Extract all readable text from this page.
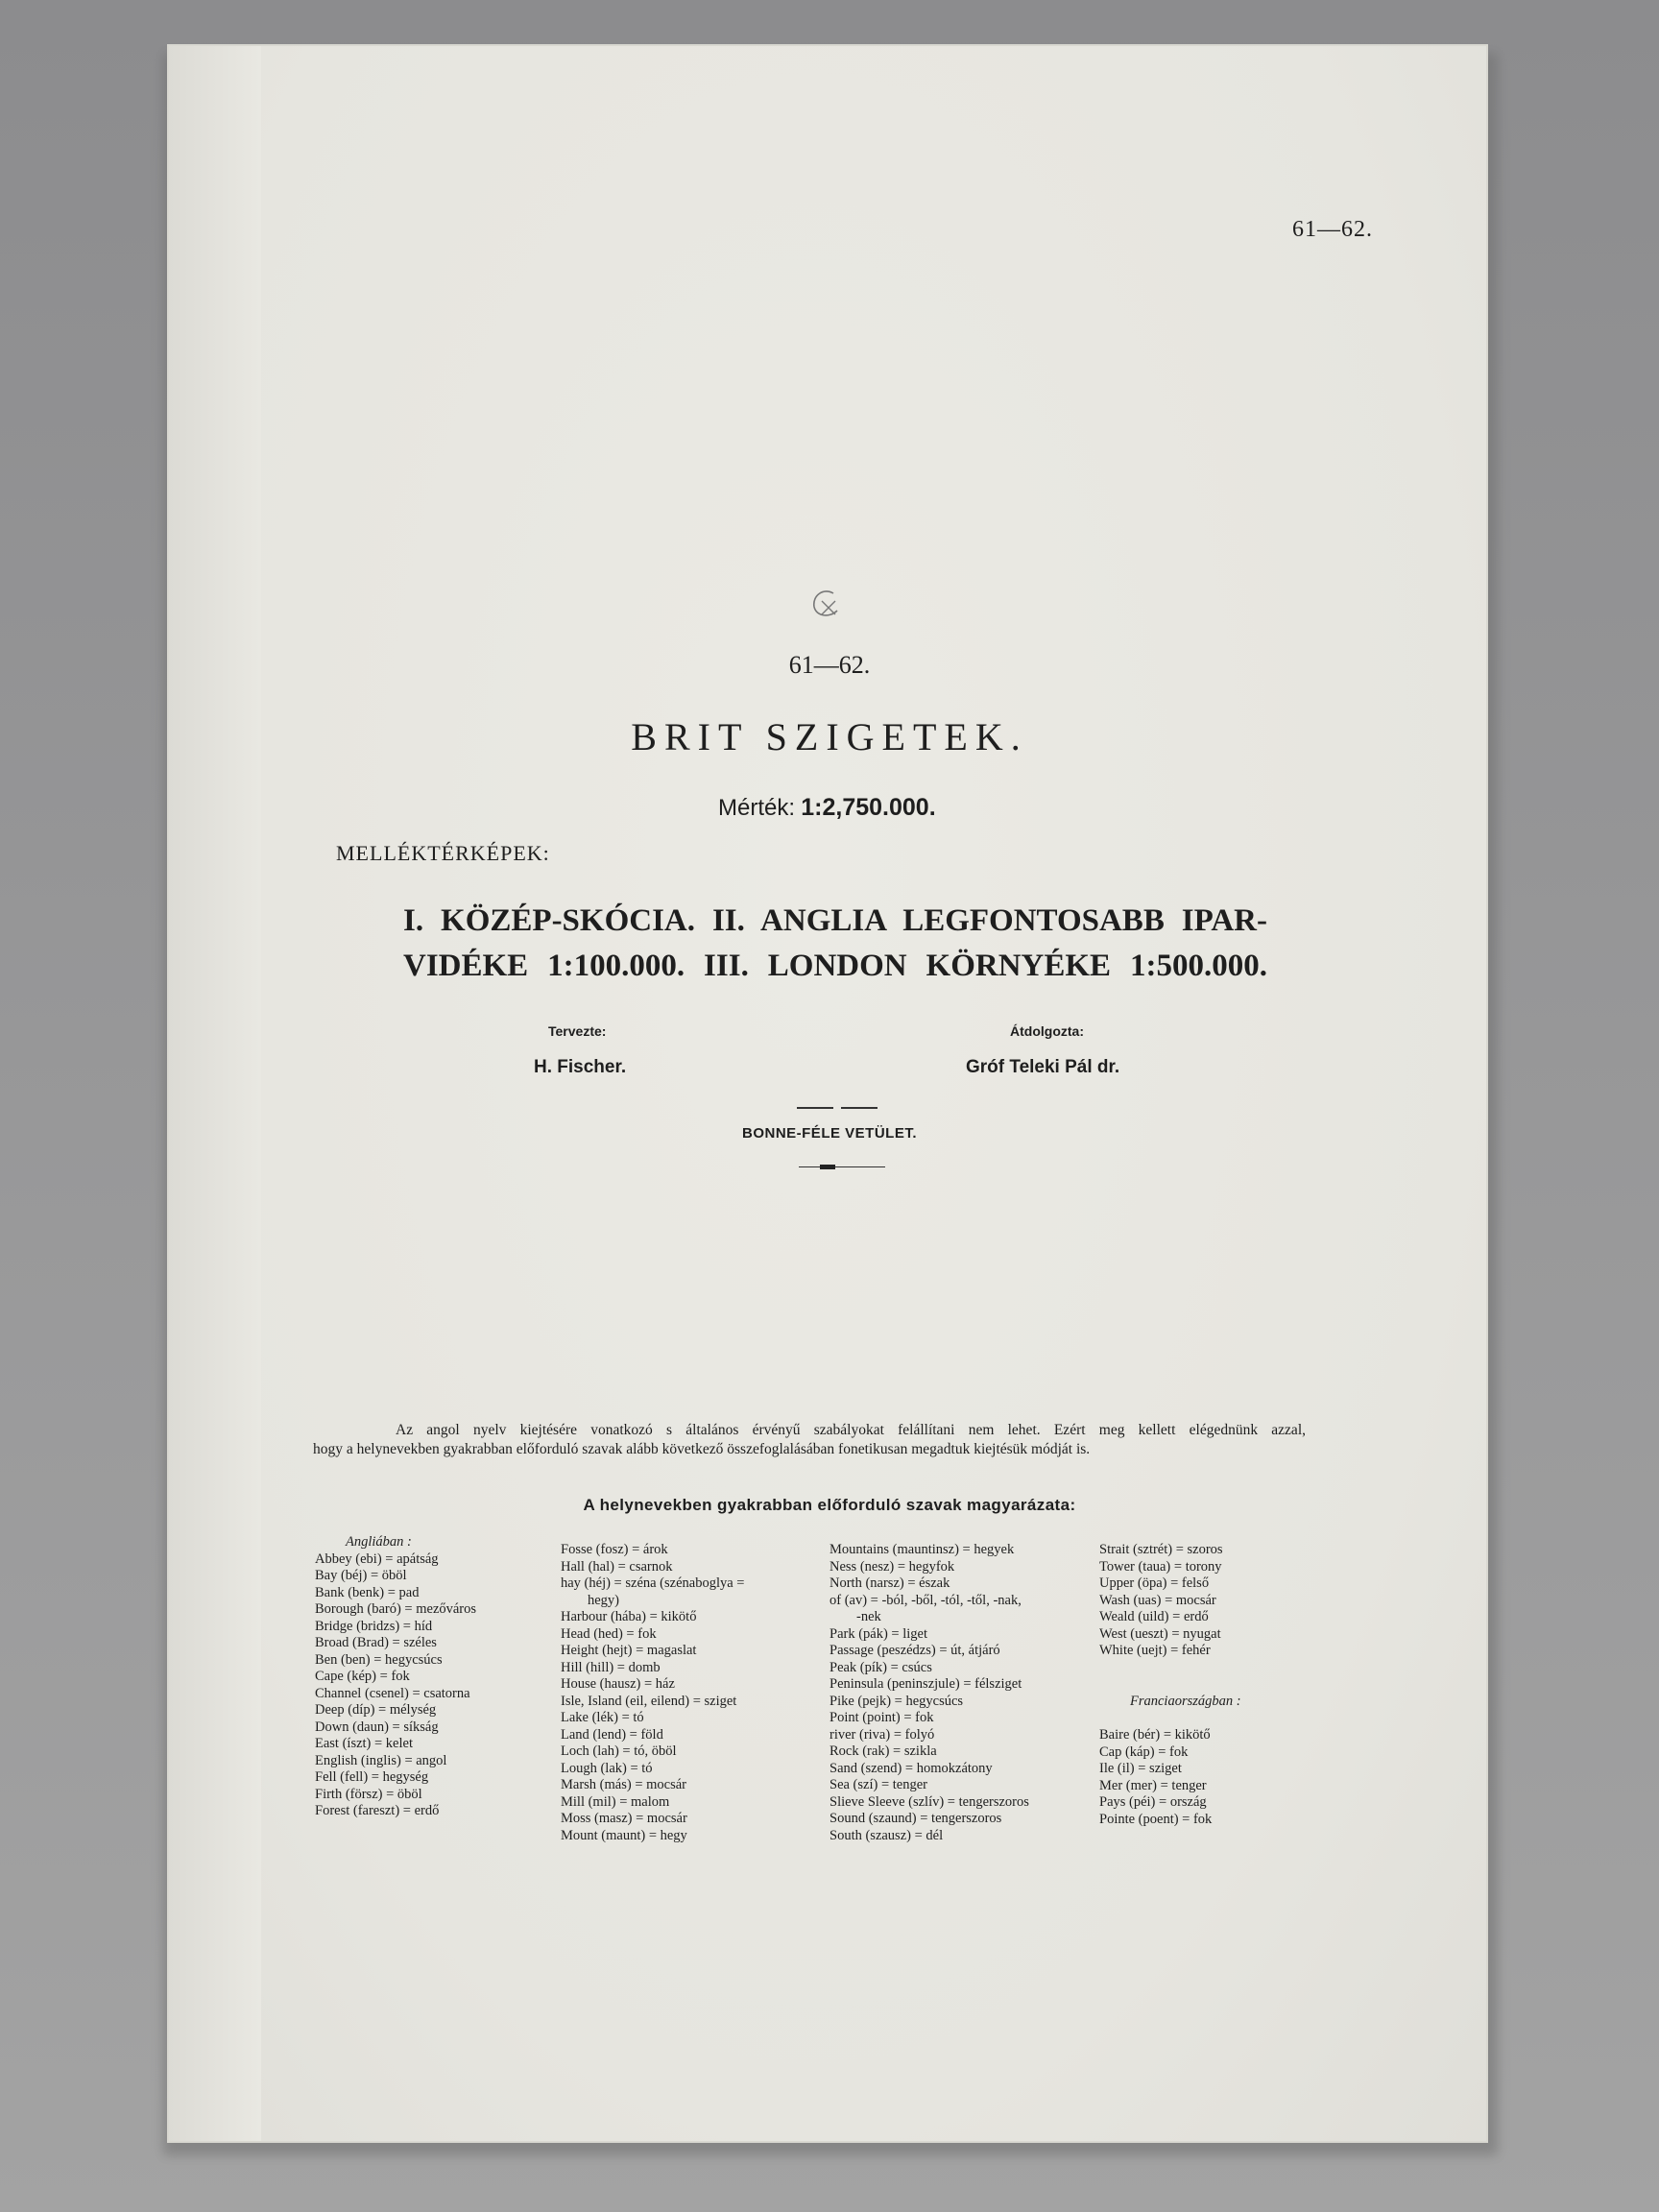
61—62.
61—62.
BRIT SZIGETEK.
Mérték: 1:2,750.000.
MELLÉKTÉRKÉPEK:
I. KÖZÉP-SKÓCIA. II. ANGLIA LEGFONTOSABB IPAR-
VIDÉKE 1:100.000. III. LONDON KÖRNYÉKE 1:500.000.
Tervezte:
H. Fischer.
Átdolgozta:
Gróf Teleki Pál dr.
BONNE-FÉLE VETÜLET.

Az angol nyelv kiejtésére vonatkozó s általános érvényű szabályokat felállítani nem lehet. Ezért meg kellett elégednünk azzal,

hogy a helynevekben gyakrabban előforduló szavak alább következő összefoglalásában fonetikusan megadtuk kiejtésük módját is.

A helynevekben gyakrabban előforduló szavak magyarázata:
Angliában :
Abbey (ebi) = apátság
Bay (béj) = öböl
Bank (benk) = pad
Borough (baró) = mezőváros
Bridge (bridzs) = híd
Broad (Brad) = széles
Ben (ben) = hegycsúcs
Cape (kép) = fok
Channel (csenel) = csatorna
Deep (díp) = mélység
Down (daun) = síkság
East (íszt) = kelet
English (inglis) = angol
Fell (fell) = hegység
Firth (försz) = öböl
Forest (fareszt) = erdő
Fosse (fosz) = árok
Hall (hal) = csarnok
hay (héj) = széna (szénaboglya =
hegy)
Harbour (hába) = kikötő
Head (hed) = fok
Height (hejt) = magaslat
Hill (hill) = domb
House (hausz) = ház
Isle, Island (eil, eilend) = sziget
Lake (lék) = tó
Land (lend) = föld
Loch (lah) = tó, öböl
Lough (lak) = tó
Marsh (más) = mocsár
Mill (mil) = malom
Moss (masz) = mocsár
Mount (maunt) = hegy
Mountains (mauntinsz) = hegyek
Ness (nesz) = hegyfok
North (narsz) = észak
of (av) = -ból, -ből, -tól, -től, -nak,
-nek
Park (pák) = liget
Passage (peszédzs) = út, átjáró
Peak (pík) = csúcs
Peninsula (peninszjule) = félsziget
Pike (pejk) = hegycsúcs
Point (point) = fok
river (riva) = folyó
Rock (rak) = szikla
Sand (szend) = homokzátony
Sea (szí) = tenger
Slieve Sleeve (szlív) = tengerszoros
Sound (szaund) = tengerszoros
South (szausz) = dél
Strait (sztrét) = szoros
Tower (taua) = torony
Upper (öpa) = felső
Wash (uas) = mocsár
Weald (uild) = erdő
West (ueszt) = nyugat
White (uejt) = fehér
Franciaországban :
Baire (bér) = kikötő
Cap (káp) = fok
Ile (il) = sziget
Mer (mer) = tenger
Pays (péi) = ország
Pointe (poent) = fok
